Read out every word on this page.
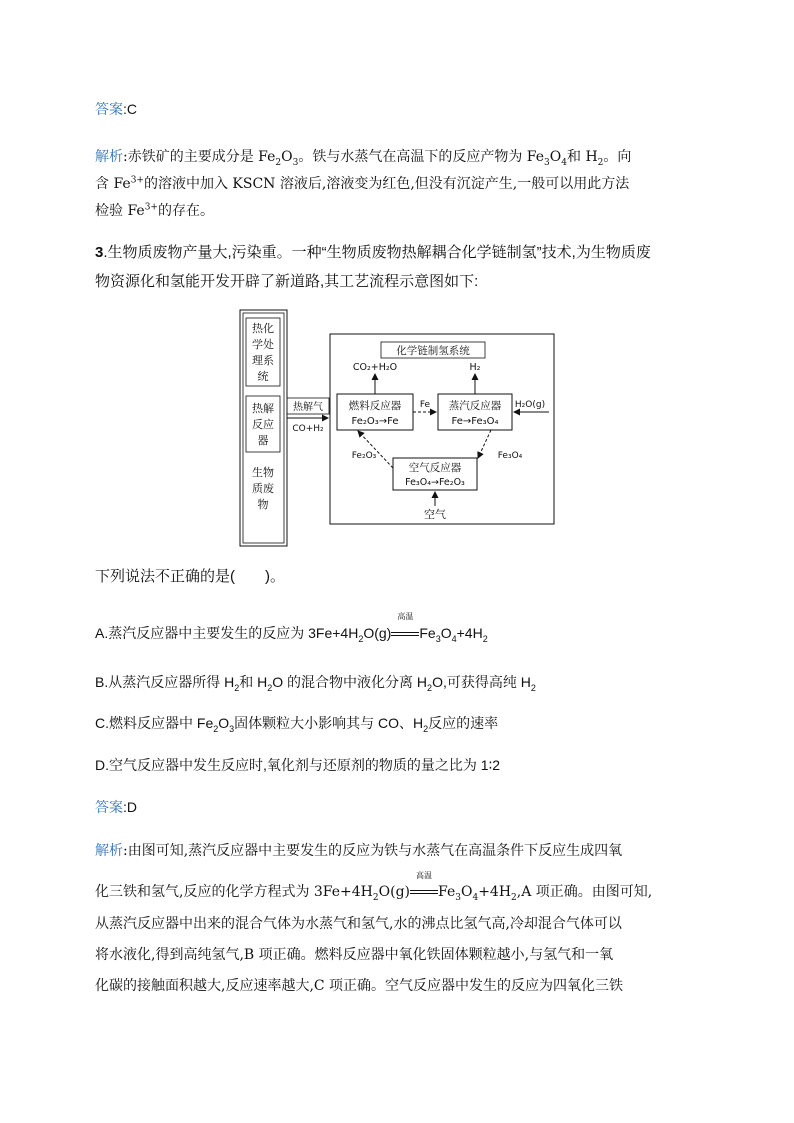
答案:C
解析:赤铁矿的主要成分是 $Fe_2O_3$。铁与水蒸气在高温下的反应产物为 $Fe_3O_4$和 $H_2$。向
含 $Fe^{3+}$的溶液中加入 KSCN 溶液后,溶液变为红色,但没有沉淀产生,一般可以用此方法
检验 $Fe^{3+}$的存在。
3.生物质废物产量大,污染重。一种“生物质废物热解耦合化学链制氢”技术,为生物质废
物资源化和氢能开发开辟了新道路,其工艺流程示意图如下:
热化
学处
理系
统
热解
反应
器
生物
质废
物
热解气
CO+H₂
化学链制氢系统
燃料反应器
Fe₂O₃→Fe
CO₂+H₂O
蒸汽反应器
Fe→Fe₃O₄
H₂
H₂O(g)
Fe
空气反应器
Fe₃O₄→Fe₂O₃
Fe₃O₄
Fe₂O₃
空气
下列说法不正确的是(　　)。
A.蒸汽反应器中主要发生的反应为 $3Fe+4H_2O(g)$
高温
$Fe_3O_4+4H_2$
B.从蒸汽反应器所得 $H_2$和 $H_2O$ 的混合物中液化分离 $H_2O$,可获得高纯 $H_2$
C.燃料反应器中 $Fe_2O_3$固体颗粒大小影响其与 CO、$H_2$反应的速率
D.空气反应器中发生反应时,氧化剂与还原剂的物质的量之比为 1∶2
答案:D
解析:由图可知,蒸汽反应器中主要发生的反应为铁与水蒸气在高温条件下反应生成四氧
化三铁和氢气,反应的化学方程式为 $3Fe+4H_2O(g)$
高温
$Fe_3O_4+4H_2,A$ 项正确。由图可知,
从蒸汽反应器中出来的混合气体为水蒸气和氢气,水的沸点比氢气高,冷却混合气体可以
将水液化,得到高纯氢气,B 项正确。燃料反应器中氧化铁固体颗粒越小,与氢气和一氧
化碳的接触面积越大,反应速率越大,C 项正确。空气反应器中发生的反应为四氧化三铁
